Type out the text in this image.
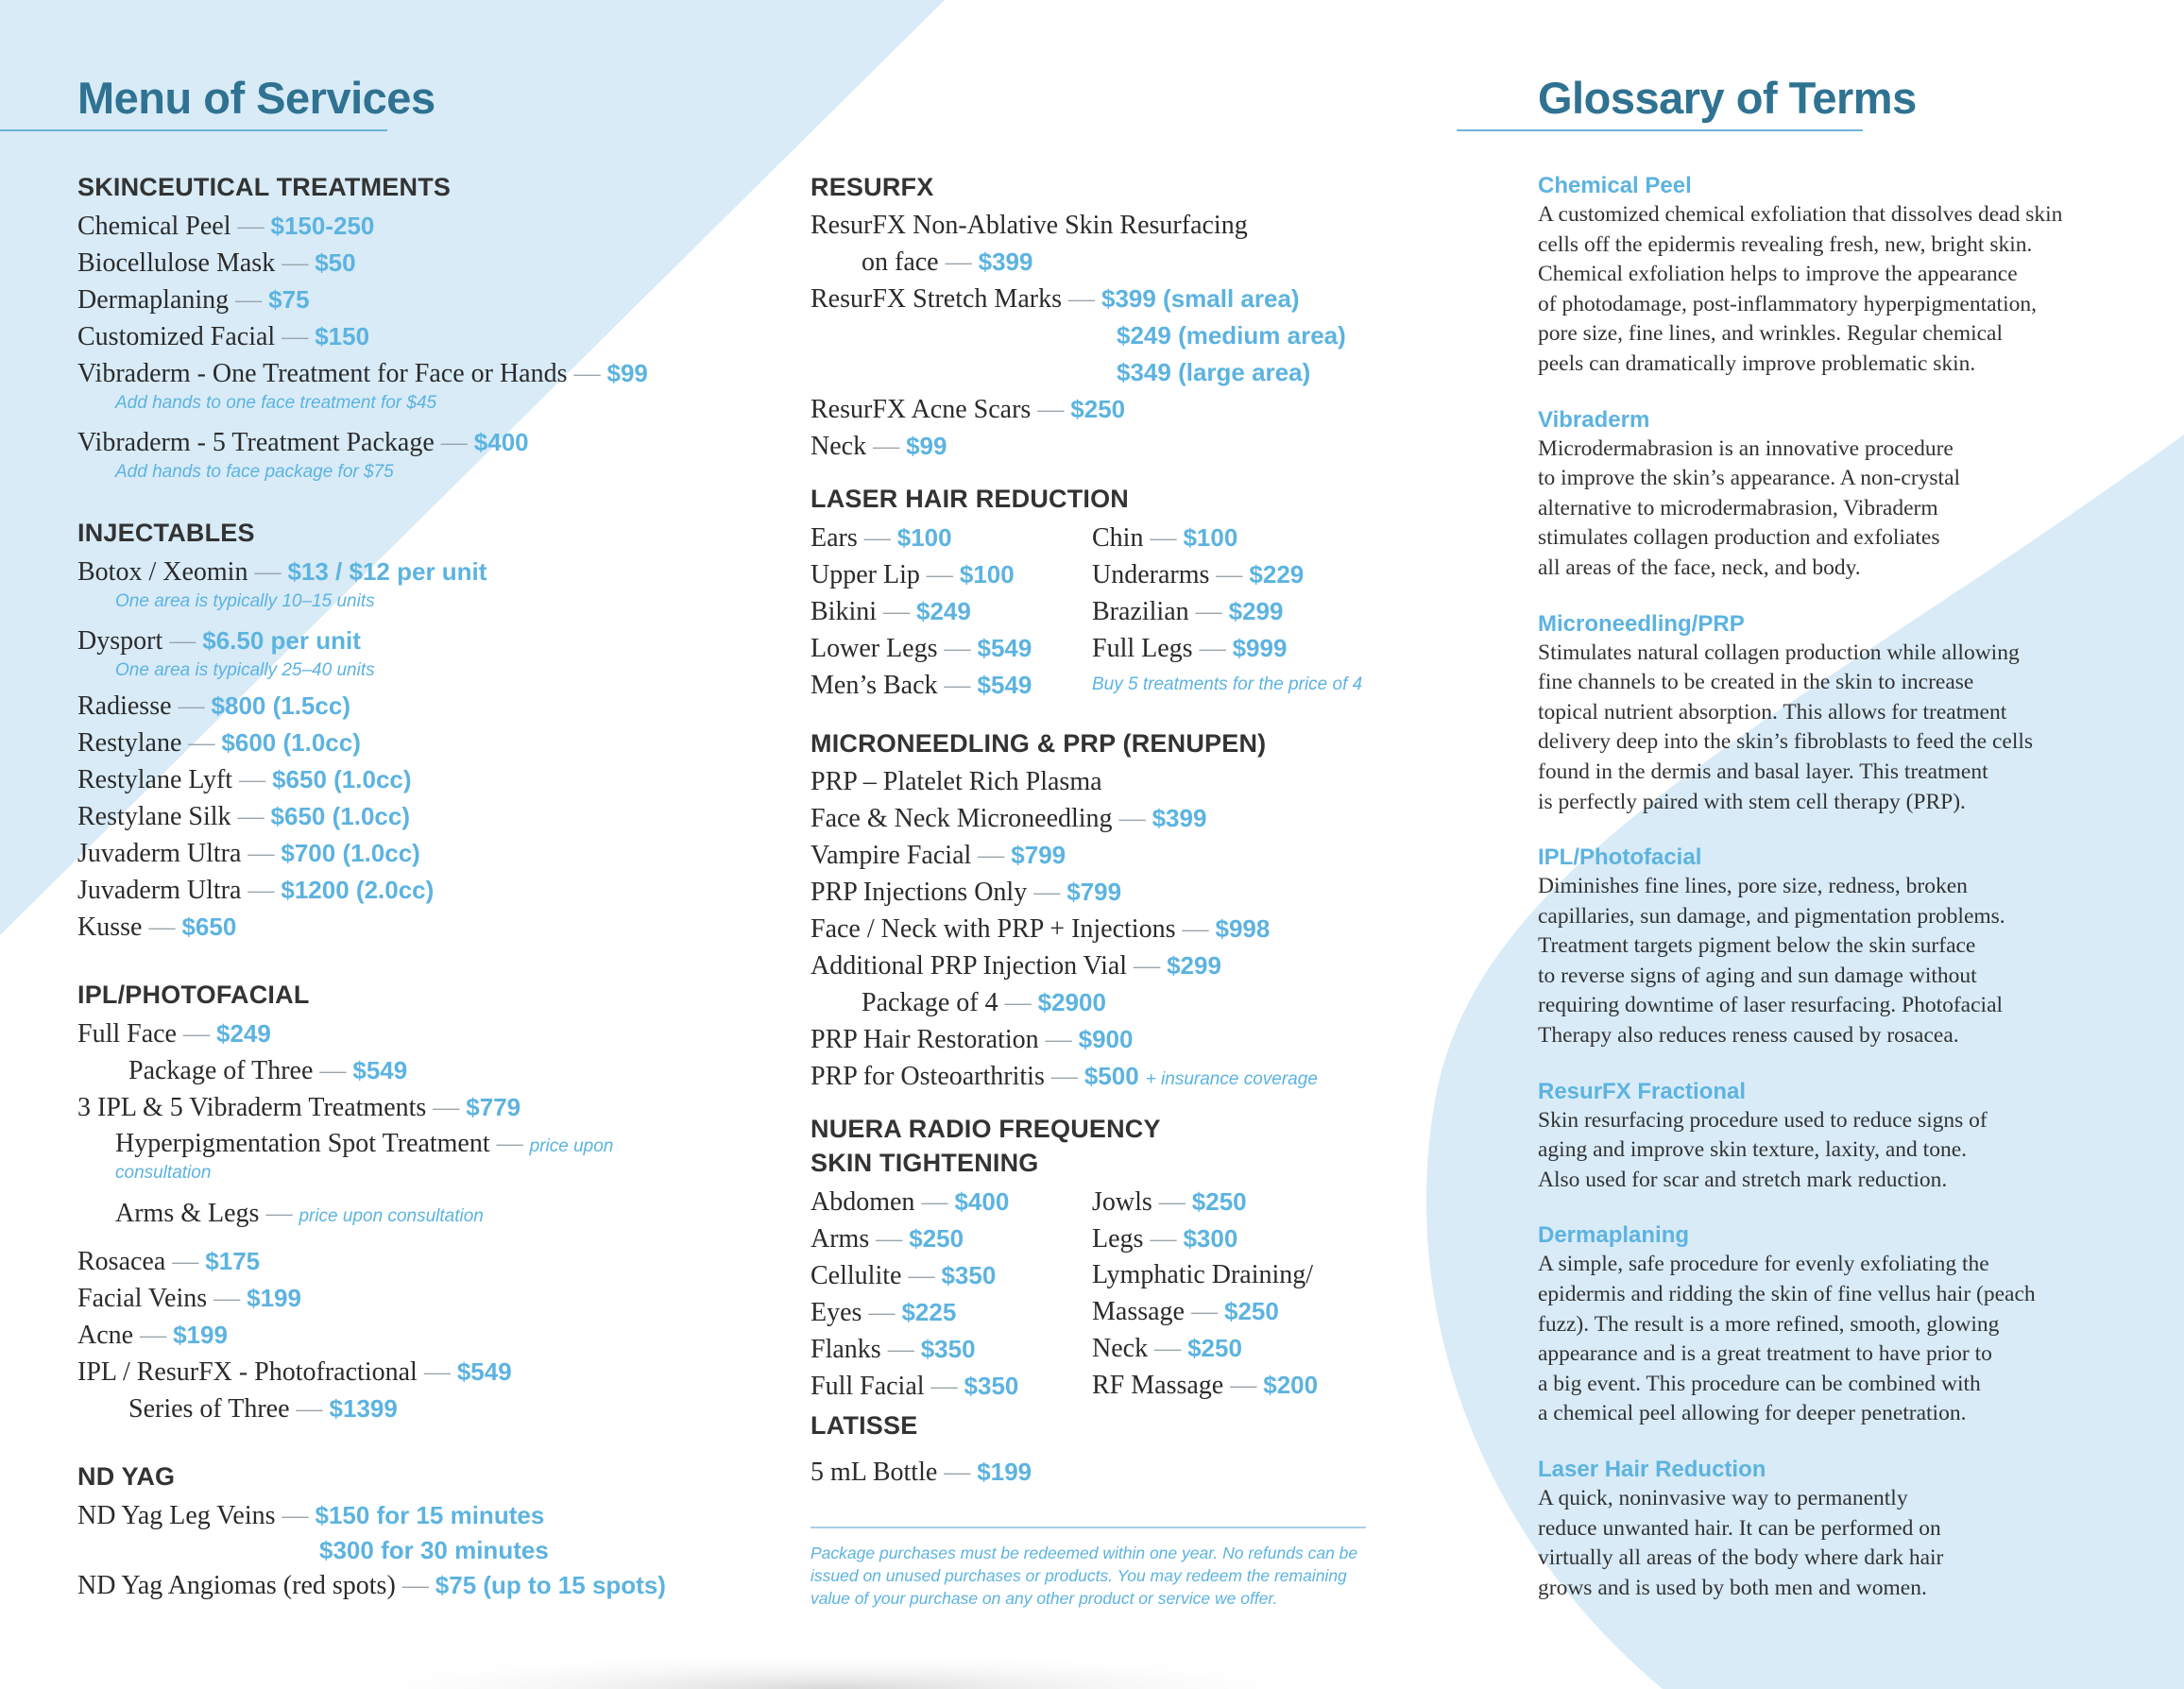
Menu of Services	Glossary of Terms
SKINCEUTICAL TREATMENTS
Chemical Peel — $150-250
Biocellulose Mask — $50
Dermaplaning — $75
Customized Facial — $150
Vibraderm - One Treatment for Face or Hands — $99
Add hands to one face treatment for $45
Vibraderm - 5 Treatment Package — $400
Add hands to face package for $75
INJECTABLES
Botox / Xeomin — $13 / $12 per unit
One area is typically 10–15 units
Dysport — $6.50 per unit
One area is typically 25–40 units
Radiesse — $800 (1.5cc)
Restylane — $600 (1.0cc)
Restylane Lyft — $650 (1.0cc)
Restylane Silk — $650 (1.0cc)
Juvaderm Ultra — $700 (1.0cc)
Juvaderm Ultra — $1200 (2.0cc)
Kusse — $650
IPL/PHOTOFACIAL
Full Face — $249
Package of Three — $549
3 IPL & 5 Vibraderm Treatments — $779
Hyperpigmentation Spot Treatment — price upon
consultation
Arms & Legs — price upon consultation
Rosacea — $175
Facial Veins — $199
Acne — $199
IPL / ResurFX - Photofractional — $549
Series of Three — $1399
ND YAG
ND Yag Leg Veins — $150 for 15 minutes
$300 for 30 minutes
ND Yag Angiomas (red spots) — $75 (up to 15 spots)
RESURFX
ResurFX Non-Ablative Skin Resurfacing
on face — $399
ResurFX Stretch Marks — $399 (small area)
$249 (medium area)
$349 (large area)
ResurFX Acne Scars — $250
Neck — $99
LASER HAIR REDUCTION
Ears — $100
Upper Lip — $100
Bikini — $249
Lower Legs — $549
Men’s Back — $549
Chin — $100
Underarms — $229
Brazilian — $299
Full Legs — $999
Buy 5 treatments for the price of 4
MICRONEEDLING & PRP (RENUPEN)
PRP – Platelet Rich Plasma
Face & Neck Microneedling — $399
Vampire Facial — $799
PRP Injections Only — $799
Face / Neck with PRP + Injections — $998
Additional PRP Injection Vial — $299
Package of 4 — $2900
PRP Hair Restoration — $900
PRP for Osteoarthritis — $500 + insurance coverage
NUERA RADIO FREQUENCY
SKIN TIGHTENING
Abdomen — $400
Arms — $250
Cellulite — $350
Eyes — $225
Flanks — $350
Full Facial — $350
Jowls — $250
Legs — $300
Lymphatic Draining/
Massage — $250
Neck — $250
RF Massage — $200
LATISSE
5 mL Bottle — $199
Package purchases must be redeemed within one year. No refunds can be issued on unused purchases or products. You may redeem the remaining value of your purchase on any other product or service we offer.
Chemical Peel
A customized chemical exfoliation that dissolves dead skin
cells off the epidermis revealing fresh, new, bright skin.
Chemical exfoliation helps to improve the appearance
of photodamage, post-inflammatory hyperpigmentation,
pore size, fine lines, and wrinkles. Regular chemical
peels can dramatically improve problematic skin.
Vibraderm
Microdermabrasion is an innovative procedure
to improve the skin’s appearance. A non-crystal
alternative to microdermabrasion, Vibraderm
stimulates collagen production and exfoliates
all areas of the face, neck, and body.
Microneedling/PRP
Stimulates natural collagen production while allowing
fine channels to be created in the skin to increase
topical nutrient absorption. This allows for treatment
delivery deep into the skin’s fibroblasts to feed the cells
found in the dermis and basal layer. This treatment
is perfectly paired with stem cell therapy (PRP).
IPL/Photofacial
Diminishes fine lines, pore size, redness, broken
capillaries, sun damage, and pigmentation problems.
Treatment targets pigment below the skin surface
to reverse signs of aging and sun damage without
requiring downtime of laser resurfacing. Photofacial
Therapy also reduces reness caused by rosacea.
ResurFX Fractional
Skin resurfacing procedure used to reduce signs of
aging and improve skin texture, laxity, and tone.
Also used for scar and stretch mark reduction.
Dermaplaning
A simple, safe procedure for evenly exfoliating the
epidermis and ridding the skin of fine vellus hair (peach
fuzz). The result is a more refined, smooth, glowing
appearance and is a great treatment to have prior to
a big event. This procedure can be combined with
a chemical peel allowing for deeper penetration.
Laser Hair Reduction
A quick, noninvasive way to permanently
reduce unwanted hair. It can be performed on
virtually all areas of the body where dark hair
grows and is used by both men and women.
